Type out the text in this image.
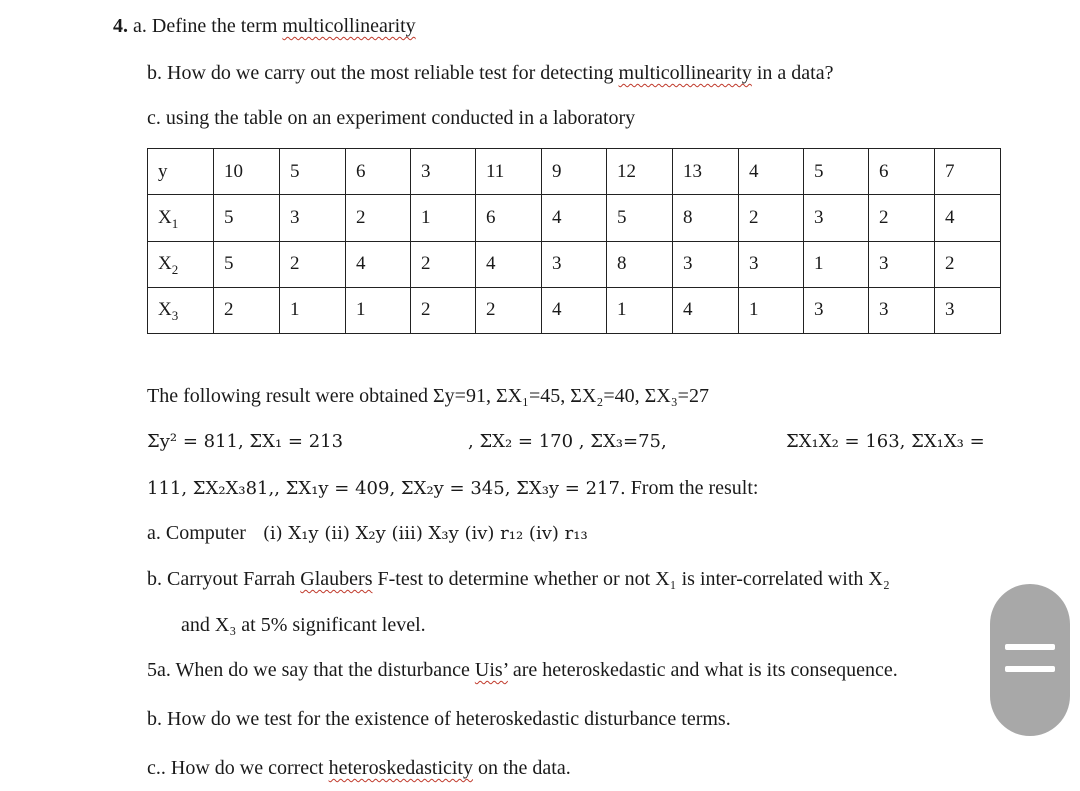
4. a. Define the term multicollinearity
b. How do we carry out the most reliable test for detecting multicollinearity in a data?
c. using the table on an experiment conducted in a laboratory
y	10	5	6	3	11	9	12	13	4	5	6	7
$X_1$	5	3	2	1	6	4	5	8	2	3	2	4
$X_2$	5	2	4	2	4	3	8	3	3	1	3	2
$X_3$	2	1	1	2	2	4	1	4	1	3	3	3
The following result were obtained Σy=91, ΣX₁=45, ΣX₂=40, ΣX₃=27
Σy² = 811, ΣX₁ = 213	, ΣX₂ = 170 , ΣX₃=75,	ΣX₁X₂ = 163, ΣX₁X₃ =
111, ΣX₂X₃81,, ΣX₁y = 409, ΣX₂y = 345, ΣX₃y = 217. From the result:
a. Computer (i) X₁y (ii) X₂y (iii) X₃y (iv) r₁₂ (iv) r₁₃
b. Carryout Farrah Glaubers F-test to determine whether or not X₁ is inter-correlated with X₂
and X₃ at 5% significant level.
5a. When do we say that the disturbance Uis’ are heteroskedastic and what is its consequence.
b. How do we test for the existence of heteroskedastic disturbance terms.
c.. How do we correct heteroskedasticity on the data.
